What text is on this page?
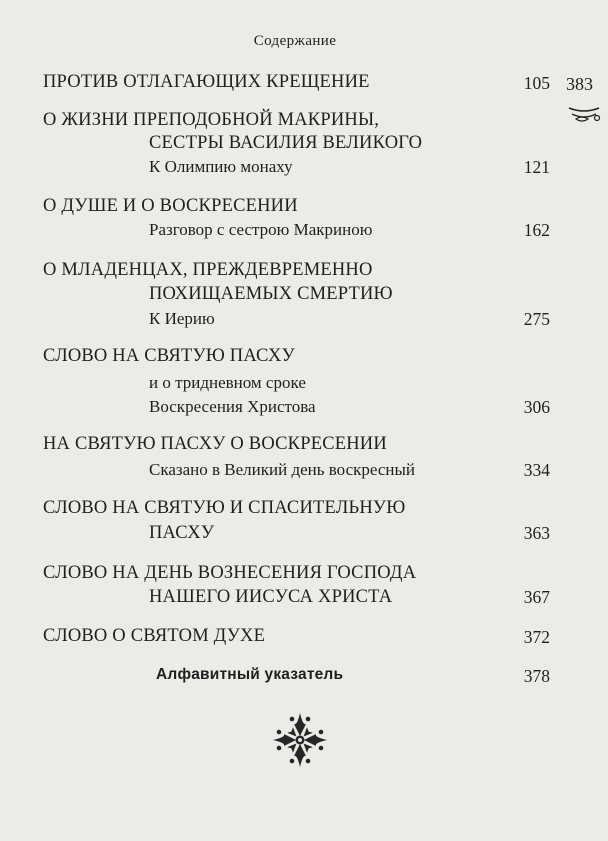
Содержание
383
ПРОТИВ ОТЛАГАЮЩИХ КРЕЩЕНИЕ	105
О ЖИЗНИ ПРЕПОДОБНОЙ МАКРИНЫ,
СЕСТРЫ ВАСИЛИЯ ВЕЛИКОГО
К Олимпию монаху	121
О ДУШЕ И О ВОСКРЕСЕНИИ
Разговор с сестрою Макриною	162
О МЛАДЕНЦАХ, ПРЕЖДЕВРЕМЕННО
ПОХИЩАЕМЫХ СМЕРТИЮ
К Иерию	275
СЛОВО НА СВЯТУЮ ПАСХУ
и о тридневном сроке
Воскресения Христова	306
НА СВЯТУЮ ПАСХУ О ВОСКРЕСЕНИИ
Сказано в Великий день воскресный	334
СЛОВО НА СВЯТУЮ И СПАСИТЕЛЬНУЮ
ПАСХУ	363
СЛОВО НА ДЕНЬ ВОЗНЕСЕНИЯ ГОСПОДА
НАШЕГО ИИСУСА ХРИСТА	367
СЛОВО О СВЯТОМ ДУХЕ	372
Алфавитный указатель	378
